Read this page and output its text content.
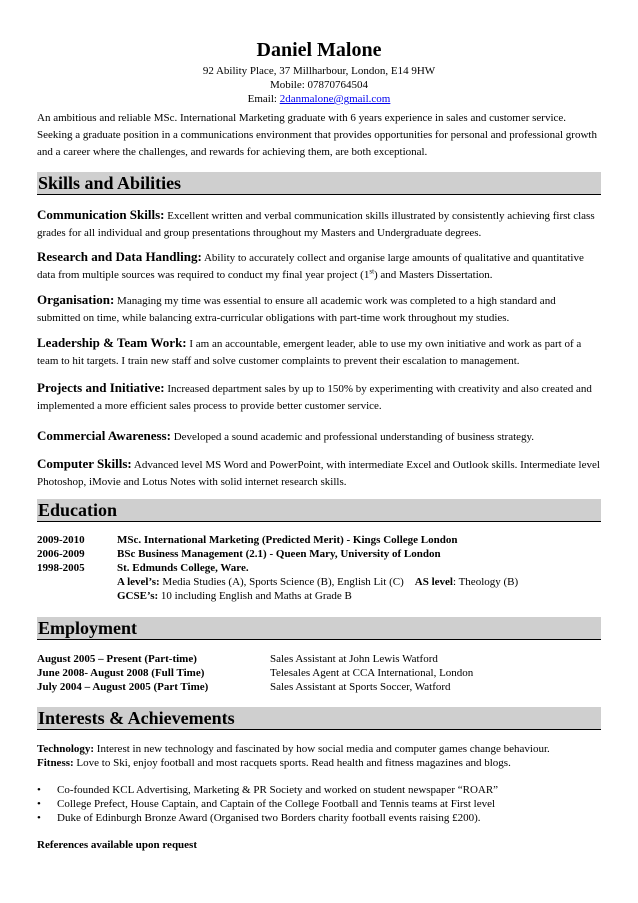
Daniel Malone
92 Ability Place, 37 Millharbour, London, E14 9HW
Mobile: 07870764504
Email: 2danmalone@gmail.com
An ambitious and reliable MSc. International Marketing graduate with 6 years experience in sales and customer service. Seeking a graduate position in a communications environment that provides opportunities for personal and professional growth and a career where the challenges, and rewards for achieving them, are both exceptional.
Skills and Abilities
Communication Skills: Excellent written and verbal communication skills illustrated by consistently achieving first class grades for all individual and group presentations throughout my Masters and Undergraduate degrees.
Research and Data Handling: Ability to accurately collect and organise large amounts of qualitative and quantitative data from multiple sources was required to conduct my final year project (1st) and Masters Dissertation.
Organisation: Managing my time was essential to ensure all academic work was completed to a high standard and submitted on time, while balancing extra-curricular obligations with part-time work throughout my studies.
Leadership & Team Work: I am an accountable, emergent leader, able to use my own initiative and work as part of a team to hit targets. I train new staff and solve customer complaints to prevent their escalation to management.
Projects and Initiative: Increased department sales by up to 150% by experimenting with creativity and also created and implemented a more efficient sales process to provide better customer service.
Commercial Awareness: Developed a sound academic and professional understanding of business strategy.
Computer Skills: Advanced level MS Word and PowerPoint, with intermediate Excel and Outlook skills. Intermediate level Photoshop, iMovie and Lotus Notes with solid internet research skills.
Education
2009-2010	MSc. International Marketing (Predicted Merit) - Kings College London
2006-2009	BSc Business Management (2.1) - Queen Mary, University of London
1998-2005	St. Edmunds College, Ware.
A level’s: Media Studies (A), Sports Science (B), English Lit (C) AS level: Theology (B)
GCSE’s: 10 including English and Maths at Grade B
Employment
August 2005 – Present (Part-time)	Sales Assistant at John Lewis Watford
June 2008- August 2008 (Full Time)	Telesales Agent at CCA International, London
July 2004 – August 2005 (Part Time)	Sales Assistant at Sports Soccer, Watford
Interests & Achievements
Technology: Interest in new technology and fascinated by how social media and computer games change behaviour.
Fitness: Love to Ski, enjoy football and most racquets sports. Read health and fitness magazines and blogs.
• Co-founded KCL Advertising, Marketing & PR Society and worked on student newspaper “ROAR”
• College Prefect, House Captain, and Captain of the College Football and Tennis teams at First level
• Duke of Edinburgh Bronze Award (Organised two Borders charity football events raising £200).
References available upon request
